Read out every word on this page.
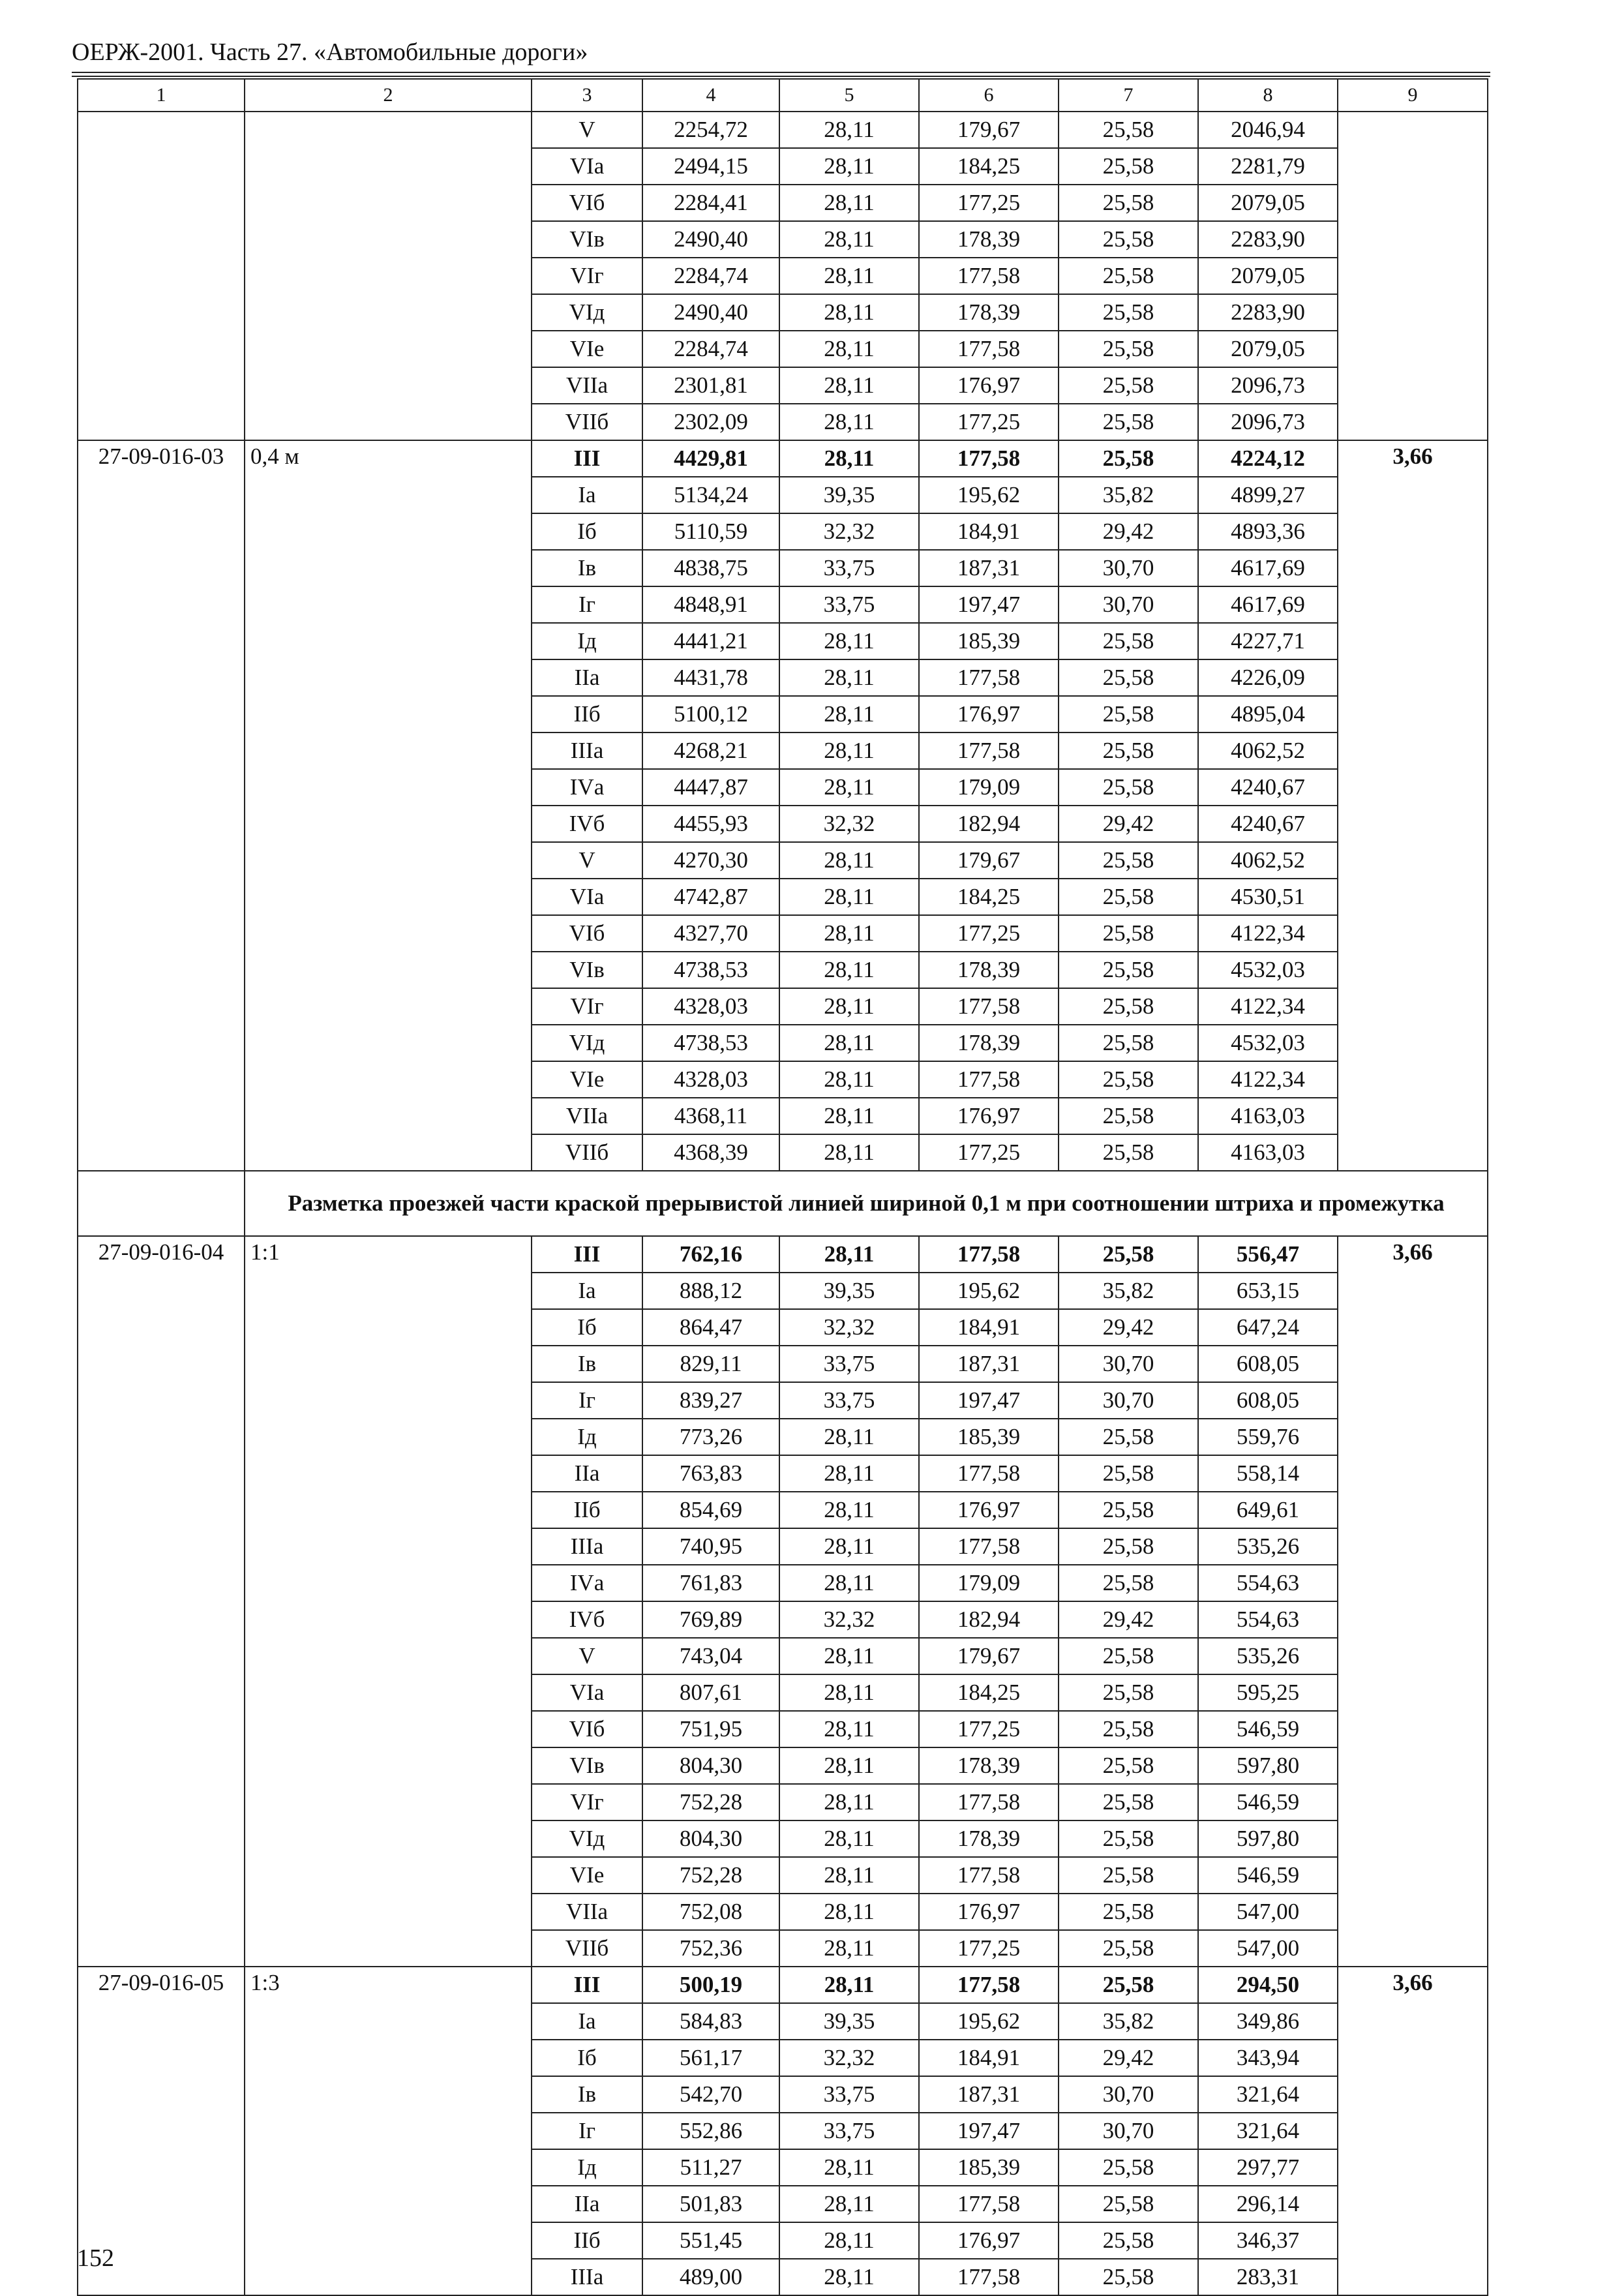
ОЕРЖ-2001. Часть 27. «Автомобильные дороги»
1	2	3	4	5	6	7	8	9
		V	2254,72	28,11	179,67	25,58	2046,94	
		VIа	2494,15	28,11	184,25	25,58	2281,79	
		VIб	2284,41	28,11	177,25	25,58	2079,05	
		VIв	2490,40	28,11	178,39	25,58	2283,90	
		VIг	2284,74	28,11	177,58	25,58	2079,05	
		VIд	2490,40	28,11	178,39	25,58	2283,90	
		VIе	2284,74	28,11	177,58	25,58	2079,05	
		VIIа	2301,81	28,11	176,97	25,58	2096,73	
		VIIб	2302,09	28,11	177,25	25,58	2096,73	
27-09-016-03	0,4 м	III	4429,81	28,11	177,58	25,58	4224,12	3,66
		Iа	5134,24	39,35	195,62	35,82	4899,27	
		Iб	5110,59	32,32	184,91	29,42	4893,36	
		Iв	4838,75	33,75	187,31	30,70	4617,69	
		Iг	4848,91	33,75	197,47	30,70	4617,69	
		Iд	4441,21	28,11	185,39	25,58	4227,71	
		IIа	4431,78	28,11	177,58	25,58	4226,09	
		IIб	5100,12	28,11	176,97	25,58	4895,04	
		IIIа	4268,21	28,11	177,58	25,58	4062,52	
		IVа	4447,87	28,11	179,09	25,58	4240,67	
		IVб	4455,93	32,32	182,94	29,42	4240,67	
		V	4270,30	28,11	179,67	25,58	4062,52	
		VIа	4742,87	28,11	184,25	25,58	4530,51	
		VIб	4327,70	28,11	177,25	25,58	4122,34	
		VIв	4738,53	28,11	178,39	25,58	4532,03	
		VIг	4328,03	28,11	177,58	25,58	4122,34	
		VIд	4738,53	28,11	178,39	25,58	4532,03	
		VIе	4328,03	28,11	177,58	25,58	4122,34	
		VIIа	4368,11	28,11	176,97	25,58	4163,03	
		VIIб	4368,39	28,11	177,25	25,58	4163,03	
	Разметка проезжей части краской прерывистой линией шириной 0,1 м при соотношении штриха и промежутка							
27-09-016-04	1:1	III	762,16	28,11	177,58	25,58	556,47	3,66
		Iа	888,12	39,35	195,62	35,82	653,15	
		Iб	864,47	32,32	184,91	29,42	647,24	
		Iв	829,11	33,75	187,31	30,70	608,05	
		Iг	839,27	33,75	197,47	30,70	608,05	
		Iд	773,26	28,11	185,39	25,58	559,76	
		IIа	763,83	28,11	177,58	25,58	558,14	
		IIб	854,69	28,11	176,97	25,58	649,61	
		IIIа	740,95	28,11	177,58	25,58	535,26	
		IVа	761,83	28,11	179,09	25,58	554,63	
		IVб	769,89	32,32	182,94	29,42	554,63	
		V	743,04	28,11	179,67	25,58	535,26	
		VIа	807,61	28,11	184,25	25,58	595,25	
		VIб	751,95	28,11	177,25	25,58	546,59	
		VIв	804,30	28,11	178,39	25,58	597,80	
		VIг	752,28	28,11	177,58	25,58	546,59	
		VIд	804,30	28,11	178,39	25,58	597,80	
		VIе	752,28	28,11	177,58	25,58	546,59	
		VIIа	752,08	28,11	176,97	25,58	547,00	
		VIIб	752,36	28,11	177,25	25,58	547,00	
27-09-016-05	1:3	III	500,19	28,11	177,58	25,58	294,50	3,66
		Iа	584,83	39,35	195,62	35,82	349,86	
		Iб	561,17	32,32	184,91	29,42	343,94	
		Iв	542,70	33,75	187,31	30,70	321,64	
		Iг	552,86	33,75	197,47	30,70	321,64	
		Iд	511,27	28,11	185,39	25,58	297,77	
		IIа	501,83	28,11	177,58	25,58	296,14	
		IIб	551,45	28,11	176,97	25,58	346,37	
		IIIа	489,00	28,11	177,58	25,58	283,31	
152
